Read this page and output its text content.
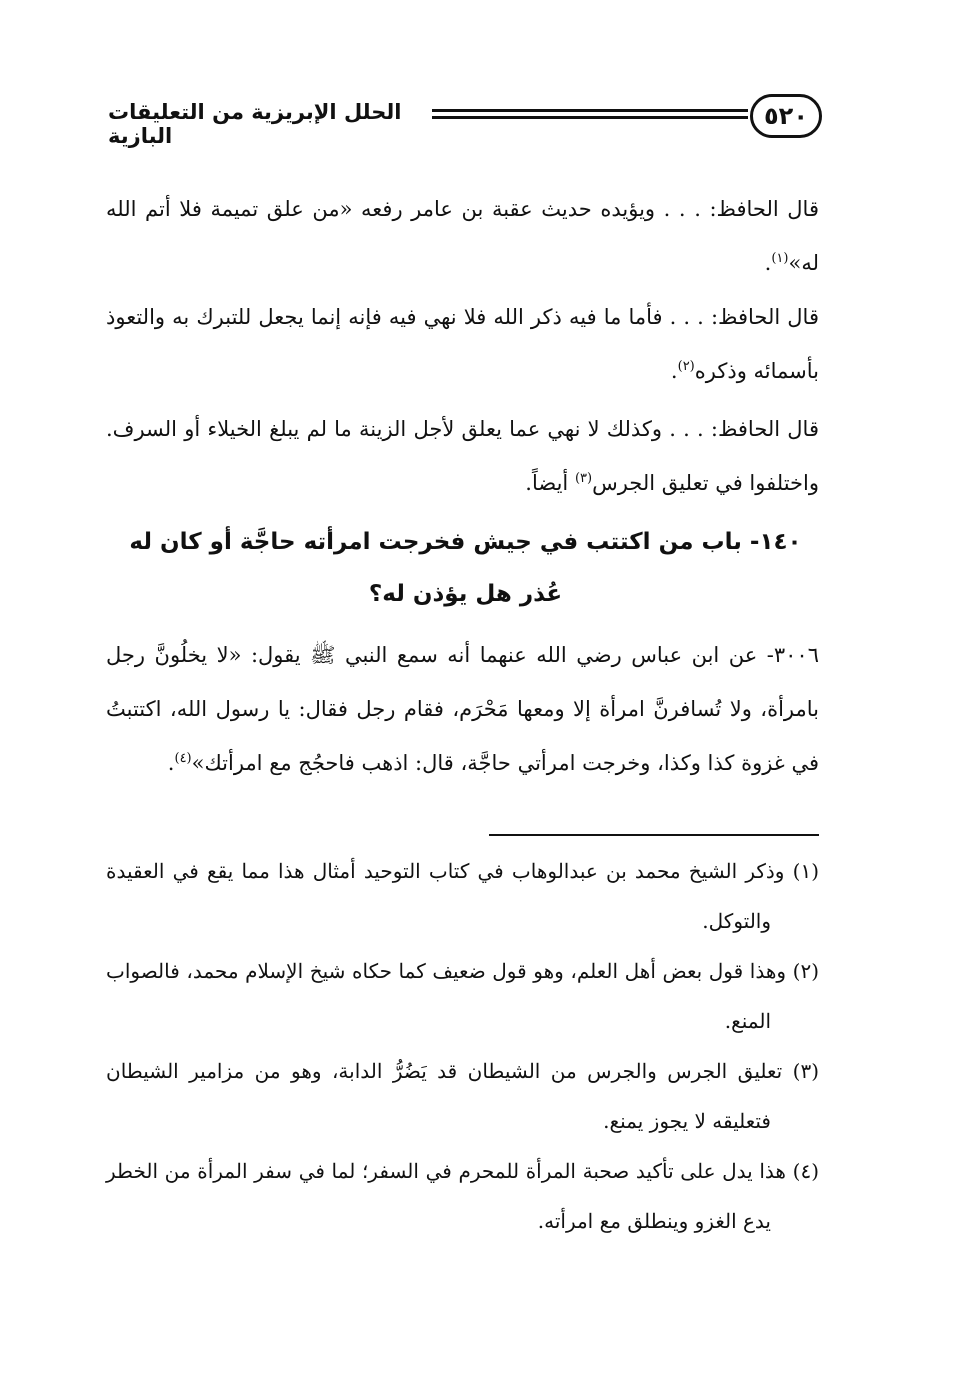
٥٢٠
الحلل الإبريزية من التعليقات البازية
قال الحافظ: . . . ويؤيده حديث عقبة بن عامر رفعه «من علق تميمة فلا أتم الله له»$^{(١)}$.
قال الحافظ: . . . فأما ما فيه ذكر الله فلا نهي فيه فإنه إنما يجعل للتبرك به والتعوذ بأسمائه وذكره$^{(٢)}$.
قال الحافظ: . . . وكذلك لا نهي عما يعلق لأجل الزينة ما لم يبلغ الخيلاء أو السرف. واختلفوا في تعليق الجرس$^{(٣)}$ أيضاً.
١٤٠- باب من اكتتب في جيش فخرجت امرأته حاجَّة أو كان له عُذر هل يؤذن له؟
٣٠٠٦- عن ابن عباس رضي الله عنهما أنه سمع النبي ﷺ يقول: «لا يخلُونَّ رجل بامرأة، ولا تُسافرنَّ امرأة إلا ومعها مَحْرَم، فقام رجل فقال: يا رسول الله، اكتتبتُ في غزوة كذا وكذا، وخرجت امرأتي حاجَّة، قال: اذهب فاحجُج مع امرأتك»$^{(٤)}$.
(١) وذكر الشيخ محمد بن عبدالوهاب في كتاب التوحيد أمثال هذا مما يقع في العقيدة والتوكل.
(٢) وهذا قول بعض أهل العلم، وهو قول ضعيف كما حكاه شيخ الإسلام محمد، فالصواب المنع.
(٣) تعليق الجرس والجرس من الشيطان قد يَضُرُّ الدابة، وهو من مزامير الشيطان فتعليقه لا يجوز يمنع.
(٤) هذا يدل على تأكيد صحبة المرأة للمحرم في السفر؛ لما في سفر المرأة من الخطر يدع الغزو وينطلق مع امرأته.
